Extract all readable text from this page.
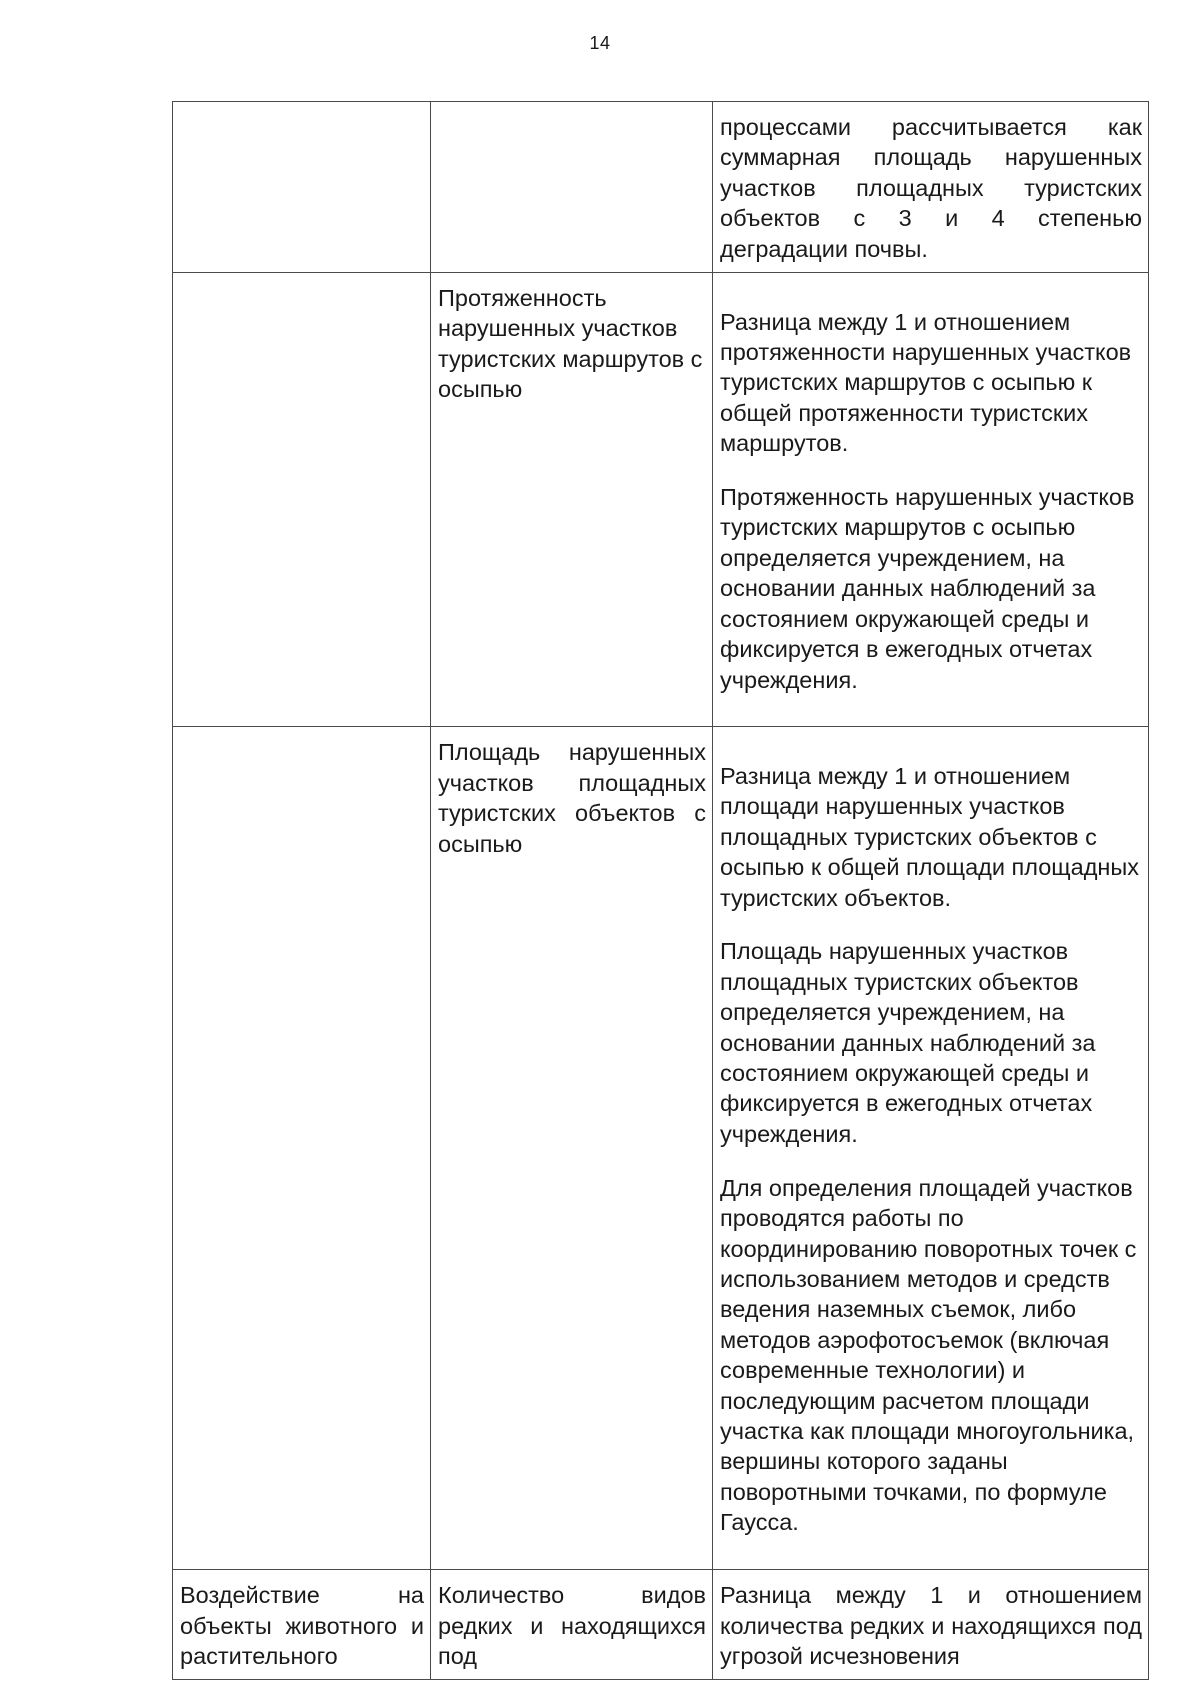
14

		процессами рассчитывается как суммарная площадь нарушенных участков площадных туристских объектов с 3 и 4 степенью деградации почвы.

	Протяженность нарушенных участков туристских маршрутов с осыпью	Разница между 1 и отношением протяженности нарушенных участков туристских маршрутов с осыпью к общей протяженности туристских маршрутов.

Протяженность нарушенных участков туристских маршрутов с осыпью определяется учреждением, на основании данных наблюдений за состоянием окружающей среды и фиксируется в ежегодных отчетах учреждения.

	Площадь нарушенных участков площадных туристских объектов с осыпью	Разница между 1 и отношением площади нарушенных участков площадных туристских объектов с осыпью к общей площади площадных туристских объектов.

Площадь нарушенных участков площадных туристских объектов определяется учреждением, на основании данных наблюдений за состоянием окружающей среды и фиксируется в ежегодных отчетах учреждения.

Для определения площадей участков проводятся работы по координированию поворотных точек с использованием методов и средств ведения наземных съемок, либо методов аэрофотосъемок (включая современные технологии) и последующим расчетом площади участка как площади многоугольника, вершины которого заданы поворотными точками, по формуле Гаусса.

Воздействие на объекты животного и растительного	Количество видов редких и находящихся под	Разница между 1 и отношением количества редких и находящихся под угрозой исчезновения
